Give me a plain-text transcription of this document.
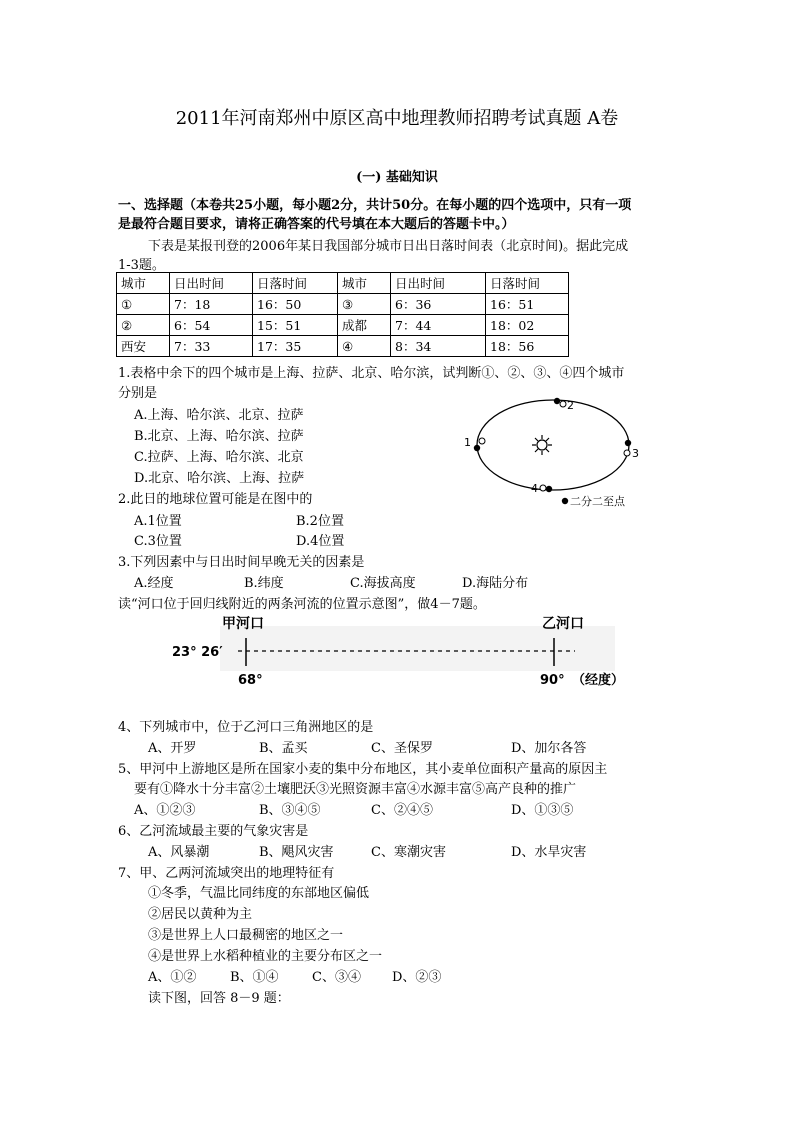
2011年河南郑州中原区高中地理教师招聘考试真题 A卷
(一) 基础知识
一、选择题（本卷共25小题，每小题2分，共计50分。在每小题的四个选项中，只有一项
是最符合题目要求，请将正确答案的代号填在本大题后的答题卡中。）
下表是某报刊登的2006年某日我国部分城市日出日落时间表（北京时间)。据此完成
1-3题。
城市	日出时间	日落时间	城市	日出时间	日落时间
①	7：18	16：50	③	6：36	16：51
②	6：54	15：51	成都	7：44	18：02
西安	7：33	17：35	④	8：34	18：56
1.表格中余下的四个城市是上海、拉萨、北京、哈尔滨，试判断①、②、③、④四个城市
分别是
A.上海、哈尔滨、北京、拉萨
B.北京、上海、哈尔滨、拉萨
C.拉萨、上海、哈尔滨、北京
D.北京、哈尔滨、上海、拉萨
2
1
3
4
二分二至点
2.此日的地球位置可能是在图中的
A.1位置	B.2位置
C.3位置	D.4位置
3.下列因素中与日出时间早晚无关的因素是
A.经度	B.纬度	C.海拔高度	D.海陆分布
读“河口位于回归线附近的两条河流的位置示意图”，做4－7题。
甲河口	乙河口
23° 26′
68°	90° （经度）
4、下列城市中，位于乙河口三角洲地区的是
A、开罗	B、孟买	C、圣保罗	D、加尔各答
5、甲河中上游地区是所在国家小麦的集中分布地区，其小麦单位面积产量高的原因主
要有①降水十分丰富②土壤肥沃③光照资源丰富④水源丰富⑤高产良种的推广
A、①②③	B、③④⑤	C、②④⑤	D、①③⑤
6、乙河流域最主要的气象灾害是
A、风暴潮	B、飓风灾害	C、寒潮灾害	D、水旱灾害
7、甲、乙两河流域突出的地理特征有
①冬季，气温比同纬度的东部地区偏低
②居民以黄种为主
③是世界上人口最稠密的地区之一
④是世界上水稻种植业的主要分布区之一
A、①②	B、①④	C、③④ D、②③
读下图，回答 8－9 题：
